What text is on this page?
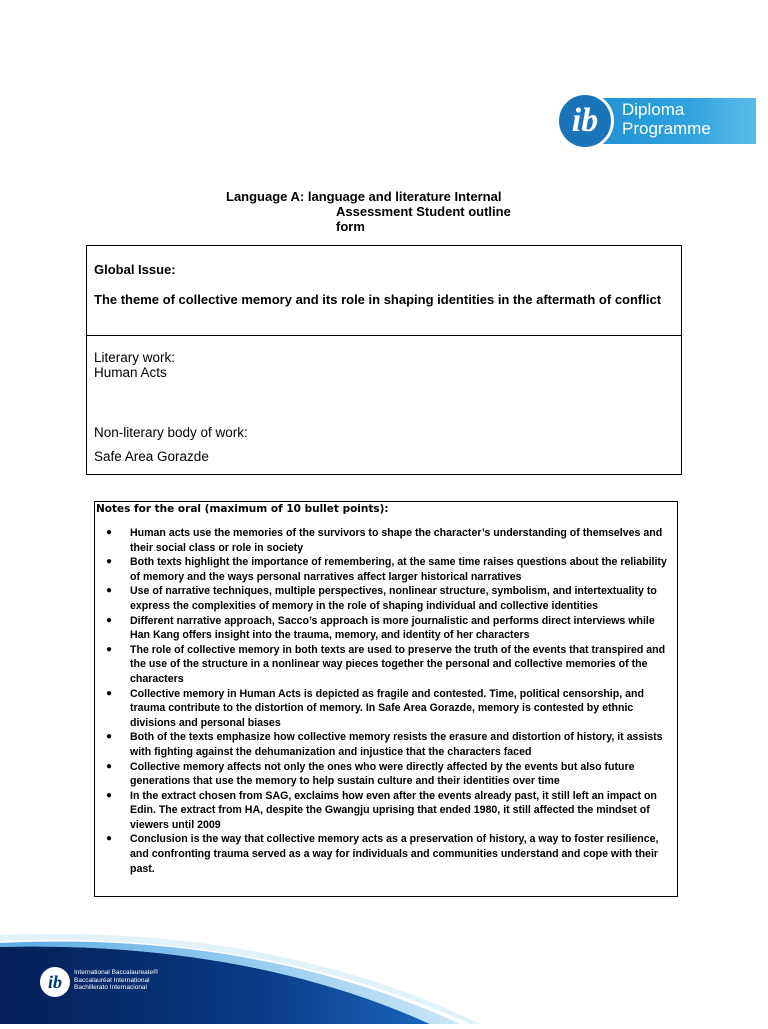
ib	Diploma
Programme
Language A: language and literature Internal
Assessment Student outline
form
Global Issue:
The theme of collective memory and its role in shaping identities in the aftermath of conflict
Literary work:
Human Acts
Non-literary body of work:
Safe Area Gorazde
Notes for the oral (maximum of 10 bullet points):
● Human acts use the memories of the survivors to shape the character’s understanding of themselves and their social class or role in society
● Both texts highlight the importance of remembering, at the same time raises questions about the reliability of memory and the ways personal narratives affect larger historical narratives
● Use of narrative techniques, multiple perspectives, nonlinear structure, symbolism, and intertextuality to express the complexities of memory in the role of shaping individual and collective identities
● Different narrative approach, Sacco’s approach is more journalistic and performs direct interviews while Han Kang offers insight into the trauma, memory, and identity of her characters
● The role of collective memory in both texts are used to preserve the truth of the events that transpired and the use of the structure in a nonlinear way pieces together the personal and collective memories of the characters
● Collective memory in Human Acts is depicted as fragile and contested. Time, political censorship, and trauma contribute to the distortion of memory. In Safe Area Gorazde, memory is contested by ethnic divisions and personal biases
● Both of the texts emphasize how collective memory resists the erasure and distortion of history, it assists with fighting against the dehumanization and injustice that the characters faced
● Collective memory affects not only the ones who were directly affected by the events but also future generations that use the memory to help sustain culture and their identities over time
● In the extract chosen from SAG, exclaims how even after the events already past, it still left an impact on Edin. The extract from HA, despite the Gwangju uprising that ended 1980, it still affected the mindset of viewers until 2009
● Conclusion is the way that collective memory acts as a preservation of history, a way to foster resilience, and confronting trauma served as a way for individuals and communities understand and cope with their past.
ib	International Baccalaureate®
Baccalauréat International
Bachillerato Internacional
